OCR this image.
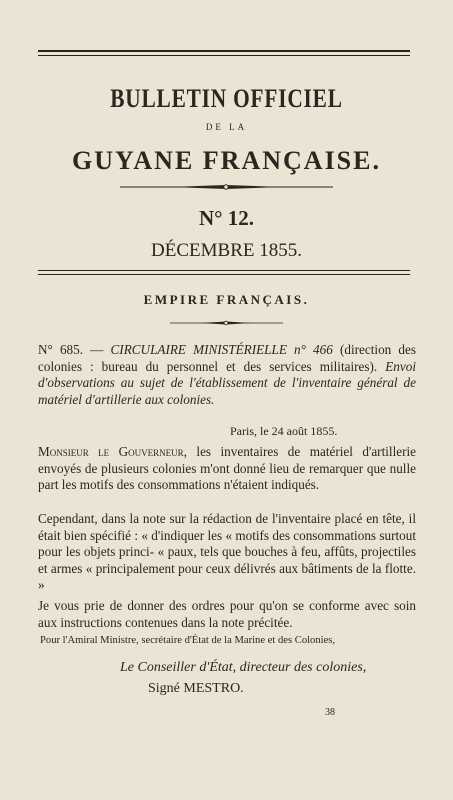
BULLETIN OFFICIEL
DE LA
GUYANE FRANÇAISE.
N° 12.
DÉCEMBRE 1855.
EMPIRE FRANÇAIS.
N° 685. — CIRCULAIRE MINISTÉRIELLE n° 466 (direction des colonies : bureau du personnel et des services militaires). Envoi d'observations au sujet de l'établissement de l'inventaire général de matériel d'artillerie aux colonies.
Paris, le 24 août 1855.
Monsieur le Gouverneur, les inventaires de matériel d'artillerie envoyés de plusieurs colonies m'ont donné lieu de remarquer que nulle part les motifs des consommations n'étaient indiqués.
Cependant, dans la note sur la rédaction de l'inventaire placé en tête, il était bien spécifié : « d'indiquer les « motifs des consommations surtout pour les objets princi- « paux, tels que bouches à feu, affûts, projectiles et armes « principalement pour ceux délivrés aux bâtiments de la flotte. »
Je vous prie de donner des ordres pour qu'on se conforme avec soin aux instructions contenues dans la note précitée.
Pour l'Amiral Ministre, secrétaire d'État de la Marine et des Colonies,
Le Conseiller d'État, directeur des colonies,
Signé MESTRO.
38
